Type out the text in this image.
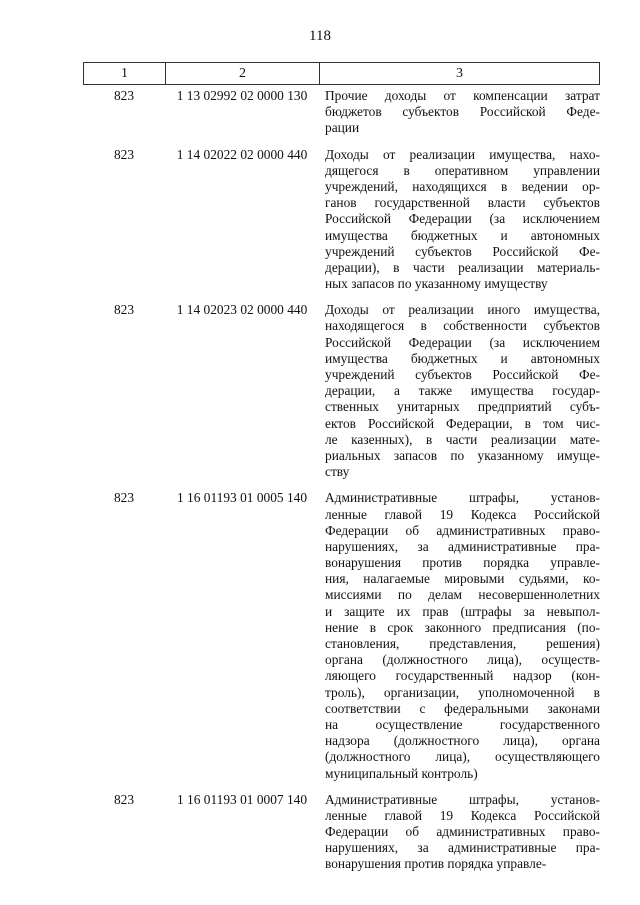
118
1	2	3
823	1 13 02992 02 0000 130	Прочие доходы от компенсации затрат
бюджетов субъектов Российской Феде-
рации
823	1 14 02022 02 0000 440	Доходы от реализации имущества, нахо-
дящегося в оперативном управлении
учреждений, находящихся в ведении ор-
ганов государственной власти субъектов
Российской Федерации (за исключением
имущества бюджетных и автономных
учреждений субъектов Российской Фе-
дерации), в части реализации материаль-
ных запасов по указанному имуществу
823	1 14 02023 02 0000 440	Доходы от реализации иного имущества,
находящегося в собственности субъектов
Российской Федерации (за исключением
имущества бюджетных и автономных
учреждений субъектов Российской Фе-
дерации, а также имущества государ-
ственных унитарных предприятий субъ-
ектов Российской Федерации, в том чис-
ле казенных), в части реализации мате-
риальных запасов по указанному имуще-
ству
823	1 16 01193 01 0005 140	Административные штрафы, установ-
ленные главой 19 Кодекса Российской
Федерации об административных право-
нарушениях, за административные пра-
вонарушения против порядка управле-
ния, налагаемые мировыми судьями, ко-
миссиями по делам несовершеннолетних
и защите их прав (штрафы за невыпол-
нение в срок законного предписания (по-
становления, представления, решения)
органа (должностного лица), осуществ-
ляющего государственный надзор (кон-
троль), организации, уполномоченной в
соответствии с федеральными законами
на осуществление государственного
надзора (должностного лица), органа
(должностного лица), осуществляющего
муниципальный контроль)
823	1 16 01193 01 0007 140	Административные штрафы, установ-
ленные главой 19 Кодекса Российской
Федерации об административных право-
нарушениях, за административные пра-
вонарушения против порядка управле-
